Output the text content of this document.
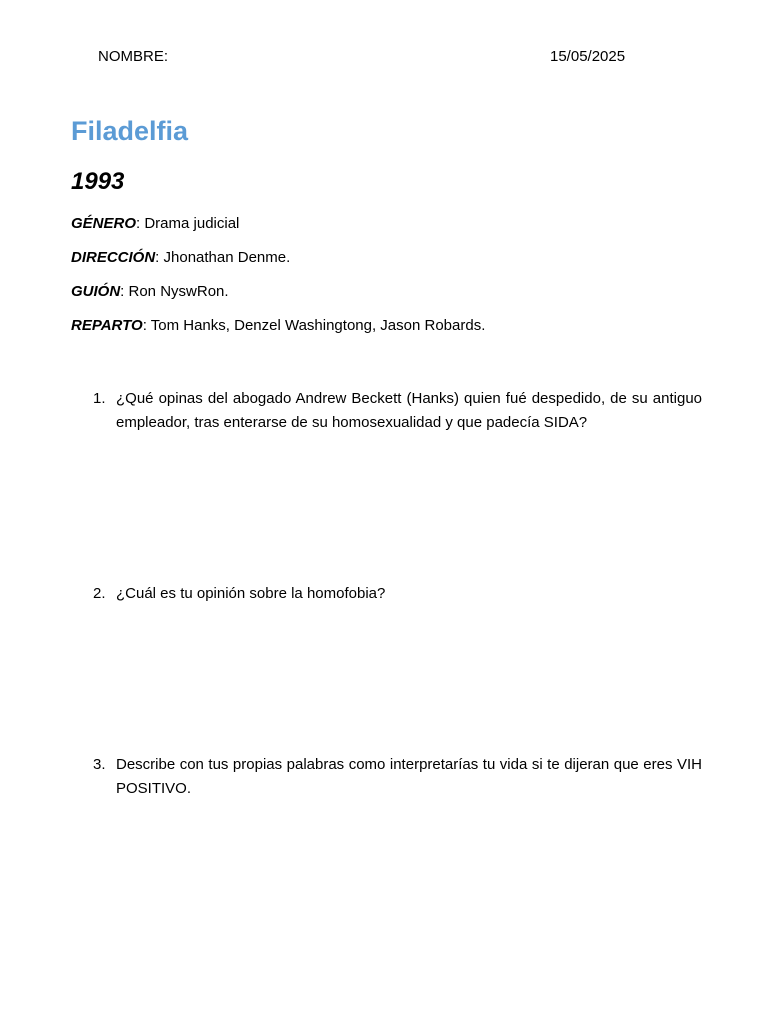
NOMBRE:	15/05/2025
Filadelfia
1993
GÉNERO: Drama judicial
DIRECCIÓN: Jhonathan Denme.
GUIÓN: Ron NyswRon.
REPARTO: Tom Hanks, Denzel Washingtong, Jason Robards.
1. ¿Qué opinas del abogado Andrew Beckett (Hanks) quien fué despedido, de su antiguo empleador, tras enterarse de su homosexualidad y que padecía SIDA?
2. ¿Cuál es tu opinión sobre la homofobia?
3. Describe con tus propias palabras como interpretarías tu vida si te dijeran que eres VIH POSITIVO.
